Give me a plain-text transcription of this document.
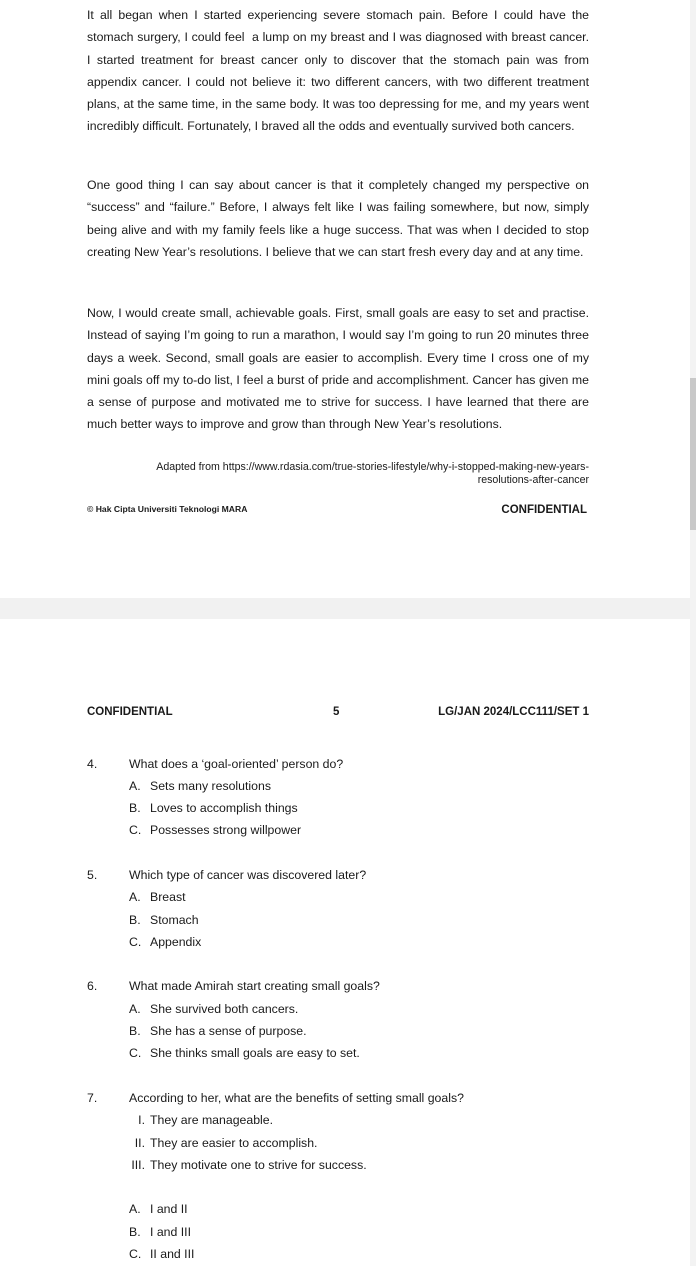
It all began when I started experiencing severe stomach pain. Before I could have the stomach surgery, I could feel  a lump on my breast and I was diagnosed with breast cancer. I started treatment for breast cancer only to discover that the stomach pain was from appendix cancer. I could not believe it: two different cancers, with two different treatment plans, at the same time, in the same body. It was too depressing for me, and my years went incredibly difficult. Fortunately, I braved all the odds and eventually survived both cancers.

One good thing I can say about cancer is that it completely changed my perspective on “success” and “failure.” Before, I always felt like I was failing somewhere, but now, simply being alive and with my family feels like a huge success. That was when I decided to stop creating New Year’s resolutions. I believe that we can start fresh every day and at any time.

Now, I would create small, achievable goals. First, small goals are easy to set and practise. Instead of saying I’m going to run a marathon, I would say I’m going to run 20 minutes three days a week. Second, small goals are easier to accomplish. Every time I cross one of my mini goals off my to-do list, I feel a burst of pride and accomplishment. Cancer has given me a sense of purpose and motivated me to strive for success. I have learned that there are much better ways to improve and grow than through New Year’s resolutions.

Adapted from https://www.rdasia.com/true-stories-lifestyle/why-i-stopped-making-new-years-
resolutions-after-cancer
© Hak Cipta Universiti Teknologi MARA	CONFIDENTIAL
CONFIDENTIAL	5	LG/JAN 2024/LCC111/SET 1
4.	What does a ‘goal-oriented’ person do?
A. Sets many resolutions
B. Loves to accomplish things
C. Possesses strong willpower
5.	Which type of cancer was discovered later?
A. Breast
B. Stomach
C. Appendix
6.	What made Amirah start creating small goals?
A. She survived both cancers.
B. She has a sense of purpose.
C. She thinks small goals are easy to set.
7.	According to her, what are the benefits of setting small goals?
I. They are manageable.
II. They are easier to accomplish.
III. They motivate one to strive for success.
A. I and II
B. I and III
C. II and III
